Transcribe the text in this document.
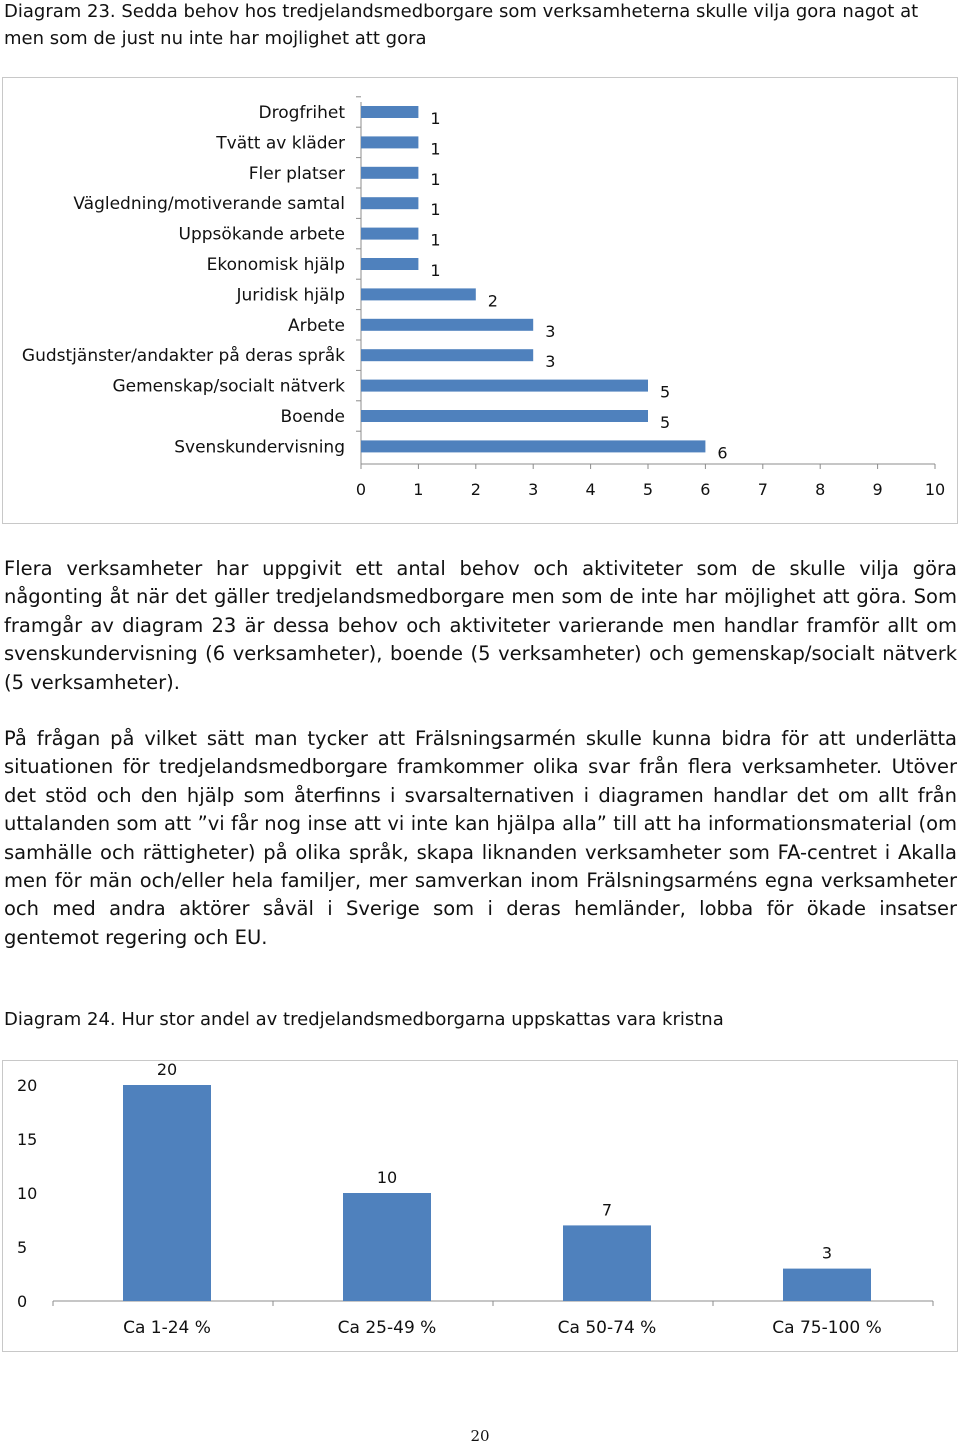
Diagram 23. Sedda behov hos tredjelandsmedborgare som verksamheterna skulle vilja gora nagot at men som de just nu inte har mojlighet att gora
Drogfrihet	1
Tvätt av kläder	1
Fler platser	1
Vägledning/motiverande samtal	1
Uppsökande arbete	1
Ekonomisk hjälp	1
Juridisk hjälp	2
Arbete	3
Gudstjänster/andakter på deras språk	3
Gemenskap/socialt nätverk	5
Boende	5
Svenskundervisning	6
0	1	2	3	4	5	6	7	8	9	10

Flera verksamheter har uppgivit ett antal behov och aktiviteter som de skulle vilja göra någonting åt när det gäller tredjelandsmedborgare men som de inte har möjlighet att göra. Som framgår av diagram 23 är dessa behov och aktiviteter varierande men handlar framför allt om svenskundervisning (6 verksamheter), boende (5 verksamheter) och gemenskap/socialt nätverk (5 verksamheter).

På frågan på vilket sätt man tycker att Frälsningsarmén skulle kunna bidra för att underlätta situationen för tredjelandsmedborgare framkommer olika svar från flera verksamheter. Utöver det stöd och den hjälp som återfinns i svarsalternativen i diagramen handlar det om allt från uttalanden som att ”vi får nog inse att vi inte kan hjälpa alla” till att ha informationsmaterial (om samhälle och rättigheter) på olika språk, skapa liknanden verksamheter som FA-centret i Akalla men för män och/eller hela familjer, mer samverkan inom Frälsningsarméns egna verksamheter och med andra aktörer såväl i Sverige som i deras hemländer, lobba för ökade insatser gentemot regering och EU.

Diagram 24. Hur stor andel av tredjelandsmedborgarna uppskattas vara kristna
0
5
10
15
20
20
Ca 1-24 %
10
Ca 25-49 %
7
Ca 50-74 %
3
Ca 75-100 %
20
